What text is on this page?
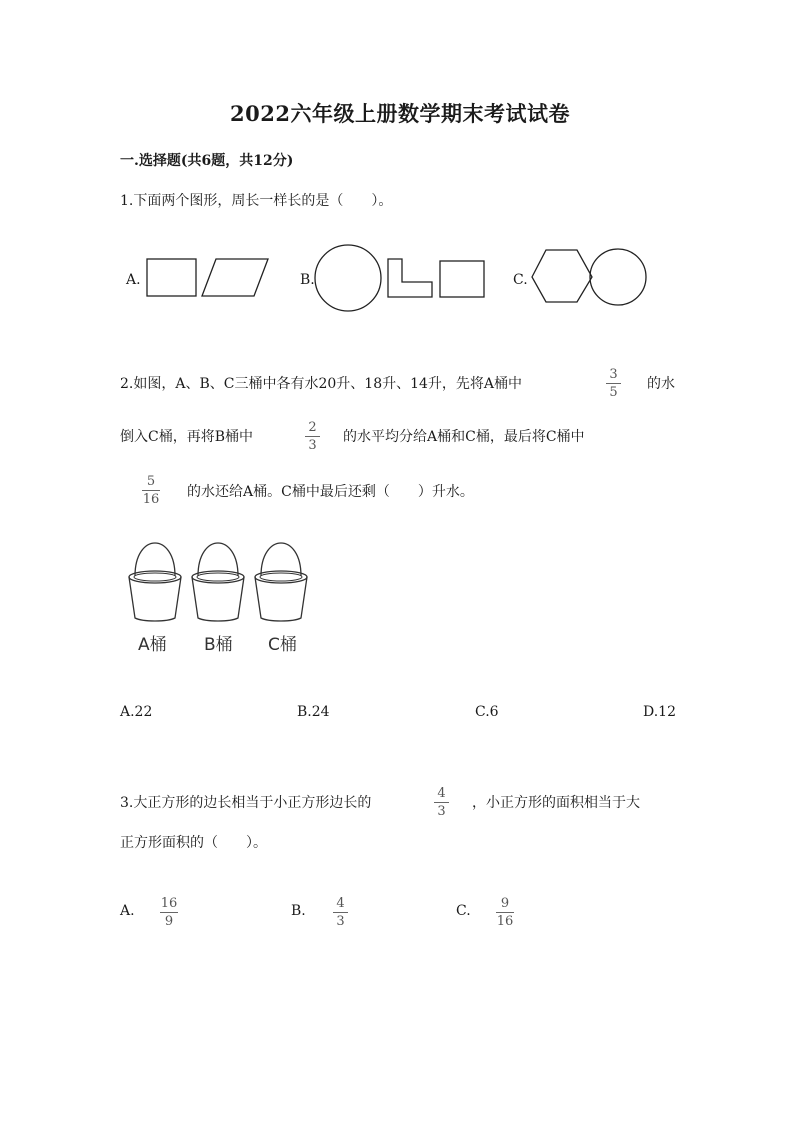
2022六年级上册数学期末考试试卷
一.选择题(共6题，共12分)
1.下面两个图形，周长一样长的是（　　）。
A.	B.	C.
2.如图，A、B、C三桶中各有水20升、18升、14升，先将A桶中
3
5
的水
倒入C桶，再将B桶中
2
3
的水平均分给A桶和C桶，最后将C桶中
5
16 的水还给A桶。C桶中最后还剩（　　）升水。
A桶 B桶 C桶
A.22	B.24	C.6	D.12
3.大正方形的边长相当于小正方形边长的
4
3
，小正方形的面积相当于大
正方形面积的（　　）。
A. 16
9
B. 4
3
C. 9
16
